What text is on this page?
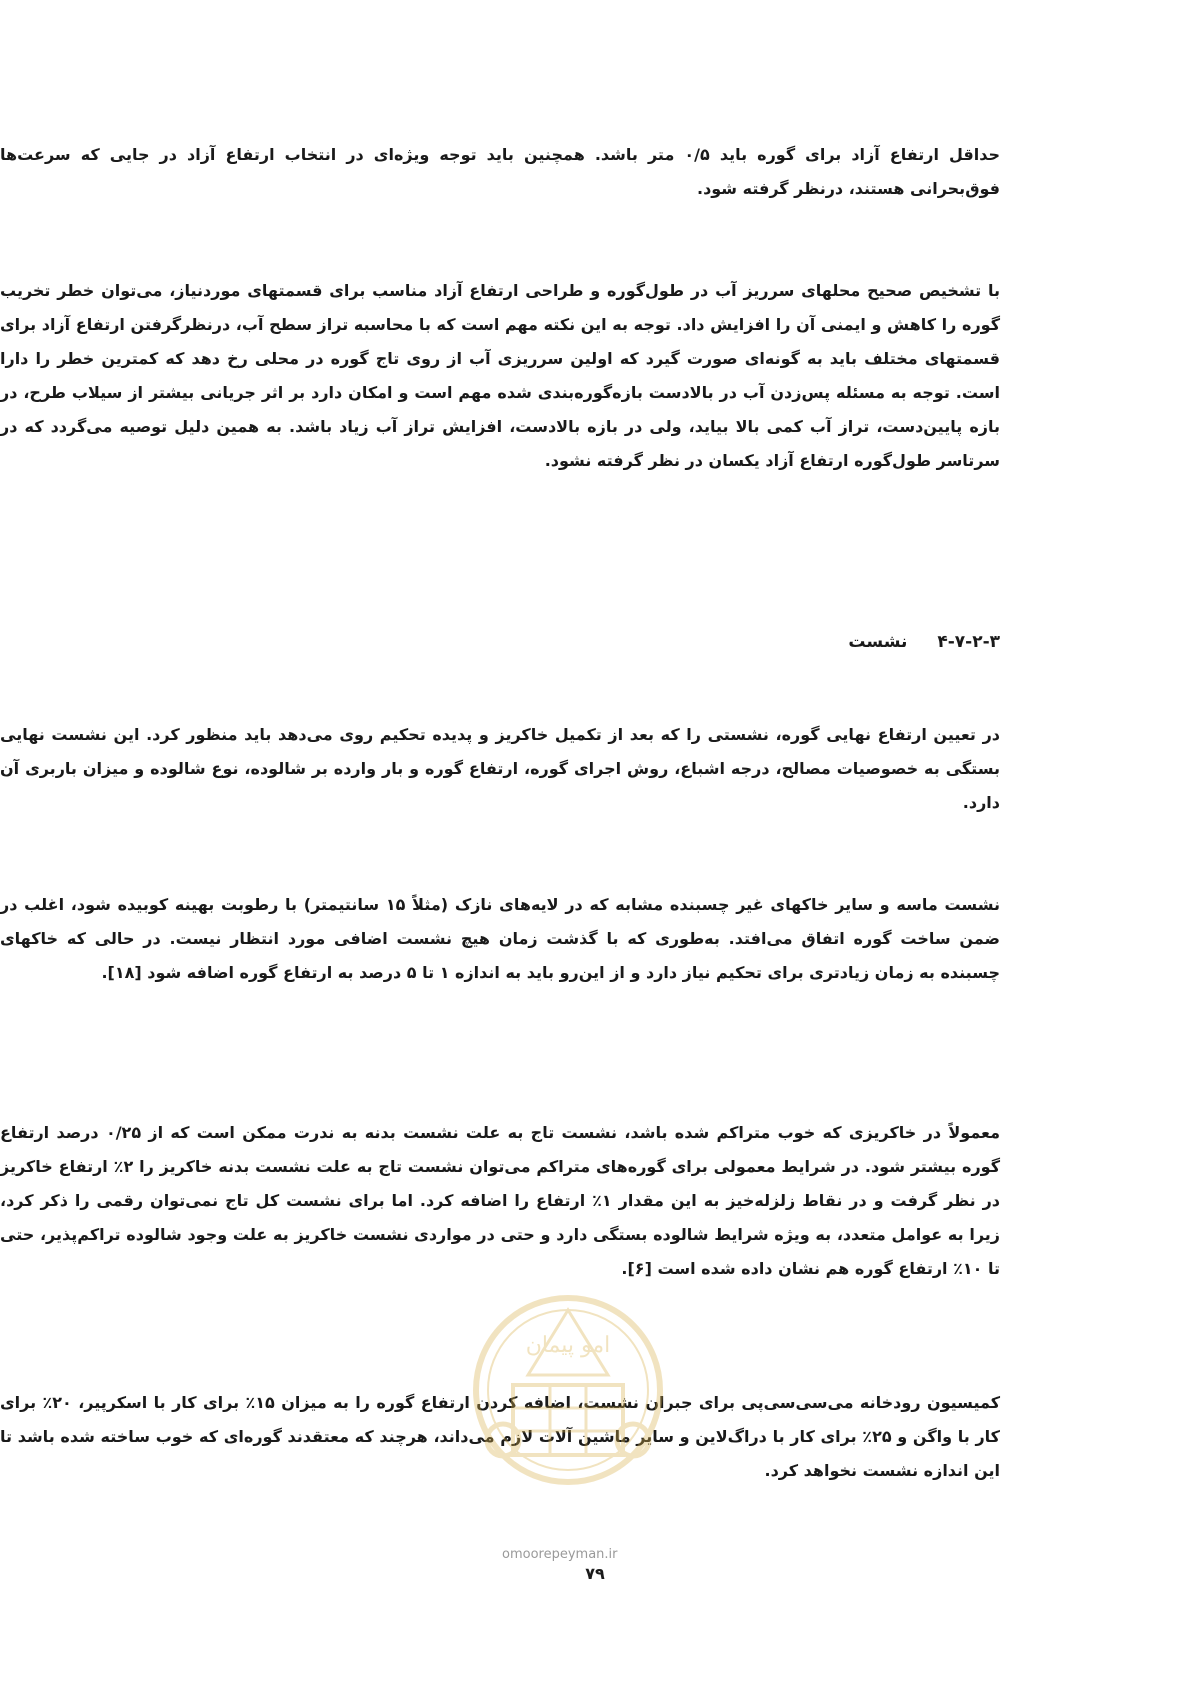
حداقل ارتفاع آزاد برای گوره باید ۰/۵ متر باشد. همچنین باید توجه ویژه‌ای در انتخاب ارتفاع آزاد در جایی که سرعت‌ها فوق‌بحرانی هستند، درنظر گرفته شود.

با تشخیص صحیح محلهای سرریز آب در طول‌گوره و طراحی ارتفاع آزاد مناسب برای قسمتهای موردنیاز، می‌توان خطر تخریب گوره را کاهش و ایمنی آن را افزایش داد. توجه به این نکته مهم است که با محاسبه تراز سطح آب، درنظرگرفتن ارتفاع آزاد برای قسمتهای مختلف باید به گونه‌ای صورت گیرد که اولین سرریزی آب از روی تاج گوره در محلی رخ دهد که کمترین خطر را دارا است. توجه به مسئله پس‌زدن آب در بالادست بازه‌گوره‌بندی شده مهم است و امکان دارد بر اثر جریانی بیشتر از سیلاب طرح، در بازه پایین‌دست، تراز آب کمی بالا بیاید، ولی در بازه بالادست، افزایش تراز آب زیاد باشد. به همین دلیل توصیه می‌گردد که در سرتاسر طول‌گوره ارتفاع آزاد یکسان در نظر گرفته نشود.

۴-۷-۲-۳ نشست

در تعیین ارتفاع نهایی گوره، نشستی را که بعد از تکمیل خاکریز و پدیده تحکیم روی می‌دهد باید منظور کرد. این نشست نهایی بستگی به خصوصیات مصالح، درجه اشباع، روش اجرای گوره، ارتفاع گوره و بار وارده بر شالوده، نوع شالوده و میزان باربری آن دارد.

نشست ماسه و سایر خاکهای غیر چسبنده مشابه که در لایه‌های نازک (مثلاً ۱۵ سانتیمتر) با رطوبت بهینه کوبیده شود، اغلب در ضمن ساخت گوره اتفاق می‌افتد. به‌طوری که با گذشت زمان هیچ نشست اضافی مورد انتظار نیست. در حالی که خاکهای چسبنده به زمان زیادتری برای تحکیم نیاز دارد و از این‌رو باید به اندازه ۱ تا ۵ درصد به ارتفاع گوره اضافه شود [۱۸].

معمولاً در خاکریزی که خوب متراکم شده باشد، نشست تاج به علت نشست بدنه به ندرت ممکن است که از ۰/۲۵ درصد ارتفاع گوره بیشتر شود. در شرایط معمولی برای گوره‌های متراکم می‌توان نشست تاج به علت نشست بدنه خاکریز را ۲٪ ارتفاع خاکریز در نظر گرفت و در نقاط زلزله‌خیز به این مقدار ۱٪ ارتفاع را اضافه کرد. اما برای نشست کل تاج نمی‌توان رقمی را ذکر کرد، زیرا به عوامل متعدد، به ویژه شرایط شالوده بستگی دارد و حتی در مواردی نشست خاکریز به علت وجود شالوده تراکم‌پذیر، حتی تا ۱۰٪ ارتفاع گوره هم نشان داده شده است [۶].

کمیسیون رودخانه می‌سی‌سی‌پی برای جبران نشست، اضافه کردن ارتفاع گوره را به میزان ۱۵٪ برای کار با اسکرپیر، ۲۰٪ برای کار با واگن و ۲۵٪ برای کار با دراگ‌لاین و سایر ماشین آلات لازم می‌داند، هرچند که معتقدند گوره‌ای که خوب ساخته شده باشد تا این اندازه نشست نخواهد کرد.

امو پیمان
omoorepeyman.ir
۷۹
